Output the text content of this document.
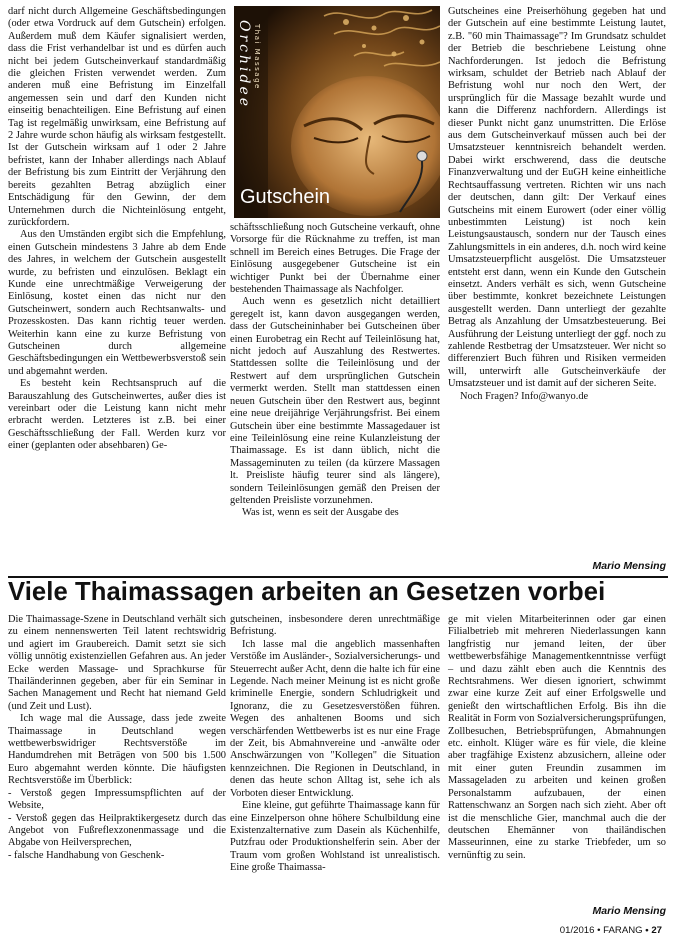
darf nicht durch Allgemeine Geschäftsbedingungen (oder etwa Vordruck auf dem Gutschein) erfolgen. Außerdem muß dem Käufer signalisiert werden, dass die Frist verhandelbar ist und es dürfen auch nicht bei jedem Gutscheinverkauf standardmäßig die gleichen Fristen verwendet werden. Zum anderen muß eine Befristung im Einzelfall angemessen sein und darf den Kunden nicht einseitig benachteiligen. Eine Befristung auf einen Tag ist regelmäßig unwirksam, eine Befristung auf 2 Jahre wurde schon häufig als wirksam festgestellt. Ist der Gutschein wirksam auf 1 oder 2 Jahre befristet, kann der Inhaber allerdings nach Ablauf der Befristung bis zum Eintritt der Verjährung den bereits gezahlten Betrag abzüglich einer Entschädigung für den Gewinn, der dem Unternehmen durch die Nichteinlösung entgeht, zurückfordern.

Aus den Umständen ergibt sich die Empfehlung, einen Gutschein mindestens 3 Jahre ab dem Ende des Jahres, in welchem der Gutschein ausgestellt wurde, zu befristen und einzulösen. Beklagt ein Kunde eine unrechtmäßige Verweigerung der Einlösung, kostet einen das nicht nur den Gutscheinwert, sondern auch Rechtsanwalts- und Prozesskosten. Das kann richtig teuer werden. Weiterhin kann eine zu kurze Befristung von Gutscheinen durch allgemeine Geschäftsbedingungen ein Wettbewerbsverstoß sein und abgemahnt werden.

Es besteht kein Rechtsanspruch auf die Barauszahlung des Gutscheinwertes, außer dies ist vereinbart oder die Leistung kann nicht mehr erbracht werden. Letzteres ist z.B. bei einer Geschäftsschließung der Fall. Werden kurz vor einer (geplanten oder absehbaren) Ge-

Orchidee Thai Massage
Gutschein

schäftsschließung noch Gutscheine verkauft, ohne Vorsorge für die Rücknahme zu treffen, ist man schnell im Bereich eines Betruges. Die Frage der Einlösung ausgegebener Gutscheine ist ein wichtiger Punkt bei der Übernahme einer bestehenden Thaimassage als Nachfolger.

Auch wenn es gesetzlich nicht detailliert geregelt ist, kann davon ausgegangen werden, dass der Gutscheininhaber bei Gutscheinen über einen Eurobetrag ein Recht auf Teileinlösung hat, nicht jedoch auf Auszahlung des Restwertes. Stattdessen sollte die Teileinlösung und der Restwert auf dem ursprünglichen Gutschein vermerkt werden. Stellt man stattdessen einen neuen Gutschein über den Restwert aus, beginnt eine neue dreijährige Verjährungsfrist. Bei einem Gutschein über eine bestimmte Massagedauer ist eine Teileinlösung eine reine Kulanzleistung der Thaimassage. Es ist dann üblich, nicht die Massageminuten zu teilen (da kürzere Massagen lt. Preisliste häufig teurer sind als längere), sondern Teileinlösungen gemäß den Preisen der geltenden Preisliste vorzunehmen.

Was ist, wenn es seit der Ausgabe des

Gutscheines eine Preiserhöhung gegeben hat und der Gutschein auf eine bestimmte Leistung lautet, z.B. "60 min Thaimassage"? Im Grundsatz schuldet der Betrieb die beschriebene Leistung ohne Nachforderungen. Ist jedoch die Befristung wirksam, schuldet der Betrieb nach Ablauf der Befristung wohl nur noch den Wert, der ursprünglich für die Massage bezahlt wurde und kann die Differenz nachfordern. Allerdings ist dieser Punkt nicht ganz unumstritten. Die Erlöse aus dem Gutscheinverkauf müssen auch bei der Umsatzsteuer kenntnisreich behandelt werden. Dabei wirkt erschwerend, dass die deutsche Finanzverwaltung und der EuGH keine einheitliche Rechtsauffassung vertreten. Richten wir uns nach der deutschen, dann gilt: Der Verkauf eines Gutscheins mit einem Eurowert (oder einer völlig unbestimmten Leistung) ist noch kein Leistungsaustausch, sondern nur der Tausch eines Zahlungsmittels in ein anderes, d.h. noch wird keine Umsatzsteuerpflicht ausgelöst. Die Umsatzsteuer entsteht erst dann, wenn ein Kunde den Gutschein einsetzt. Anders verhält es sich, wenn Gutscheine über bestimmte, konkret bezeichnete Leistungen ausgestellt werden. Dann unterliegt der gezahlte Betrag als Anzahlung der Umsatzbesteuerung. Bei Ausführung der Leistung unterliegt der ggf. noch zu zahlende Restbetrag der Umsatzsteuer. Wer nicht so differenziert Buch führen und Risiken vermeiden will, unterwirft alle Gutscheinverkäufe der Umsatzsteuer und ist damit auf der sicheren Seite.

Noch Fragen? Info@wanyo.de

Mario Mensing
Viele Thaimassagen arbeiten an Gesetzen vorbei

Die Thaimassage-Szene in Deutschland verhält sich zu einem nennenswerten Teil latent rechtswidrig und agiert im Graubereich. Damit setzt sie sich völlig unnötig existenziellen Gefahren aus. An jeder Ecke werden Massage- und Sprachkurse für Thailänderinnen gegeben, aber für ein Seminar in Sachen Management und Recht hat niemand Geld (und Zeit und Lust).

Ich wage mal die Aussage, dass jede zweite Thaimassage in Deutschland wegen wettbewerbswidriger Rechtsverstöße im Handumdrehen mit Beträgen von 500 bis 1.500 Euro abgemahnt werden könnte. Die häufigsten Rechtsverstöße im Überblick:

- Verstoß gegen Impressumspflichten auf der Website,
- Verstoß gegen das Heilpraktikergesetz durch das Angebot von Fußreflexzonenmassage und die Abgabe von Heilversprechen,
- falsche Handhabung von Geschenk-

gutscheinen, insbesondere deren unrechtmäßige Befristung.

Ich lasse mal die angeblich massenhaften Verstöße im Ausländer-, Sozialversicherungs- und Steuerrecht außer Acht, denn die halte ich für eine Legende. Nach meiner Meinung ist es nicht große kriminelle Energie, sondern Schludrigkeit und Ignoranz, die zu Gesetzesverstößen führen. Wegen des anhaltenen Booms und sich verschärfenden Wettbewerbs ist es nur eine Frage der Zeit, bis Abmahnvereine und -anwälte oder Anschwärzungen von "Kollegen" die Situation kennzeichnen. Die Regionen in Deutschland, in denen das heute schon Alltag ist, sehe ich als Vorboten dieser Entwicklung.

Eine kleine, gut geführte Thaimassage kann für eine Einzelperson ohne höhere Schulbildung eine Existenzalternative zum Dasein als Küchenhilfe, Putzfrau oder Produktionshelferin sein. Aber der Traum vom großen Wohlstand ist unrealistisch. Eine große Thaimassa-

ge mit vielen Mitarbeiterinnen oder gar einen Filialbetrieb mit mehreren Niederlassungen kann langfristig nur jemand leiten, der über wettbewerbsfähige Managementkenntnisse verfügt – und dazu zählt eben auch die Kenntnis des Rechtsrahmens. Wer diesen ignoriert, schwimmt zwar eine kurze Zeit auf einer Erfolgswelle und genießt den wirtschaftlichen Erfolg. Bis ihn die Realität in Form von Sozialversicherungsprüfungen, Zollbesuchen, Betriebsprüfungen, Abmahnungen etc. einholt. Klüger wäre es für viele, die kleine aber tragfähige Existenz abzusichern, alleine oder mit einer guten Freundin zusammen im Massageladen zu arbeiten und keinen großen Personalstamm aufzubauen, der einen Rattenschwanz an Sorgen nach sich zieht. Aber oft ist die menschliche Gier, manchmal auch die der deutschen Ehemänner von thailändischen Masseurinnen, eine zu starke Triebfeder, um so vernünftig zu sein.

Mario Mensing
01/2016 • FARANG • 27
